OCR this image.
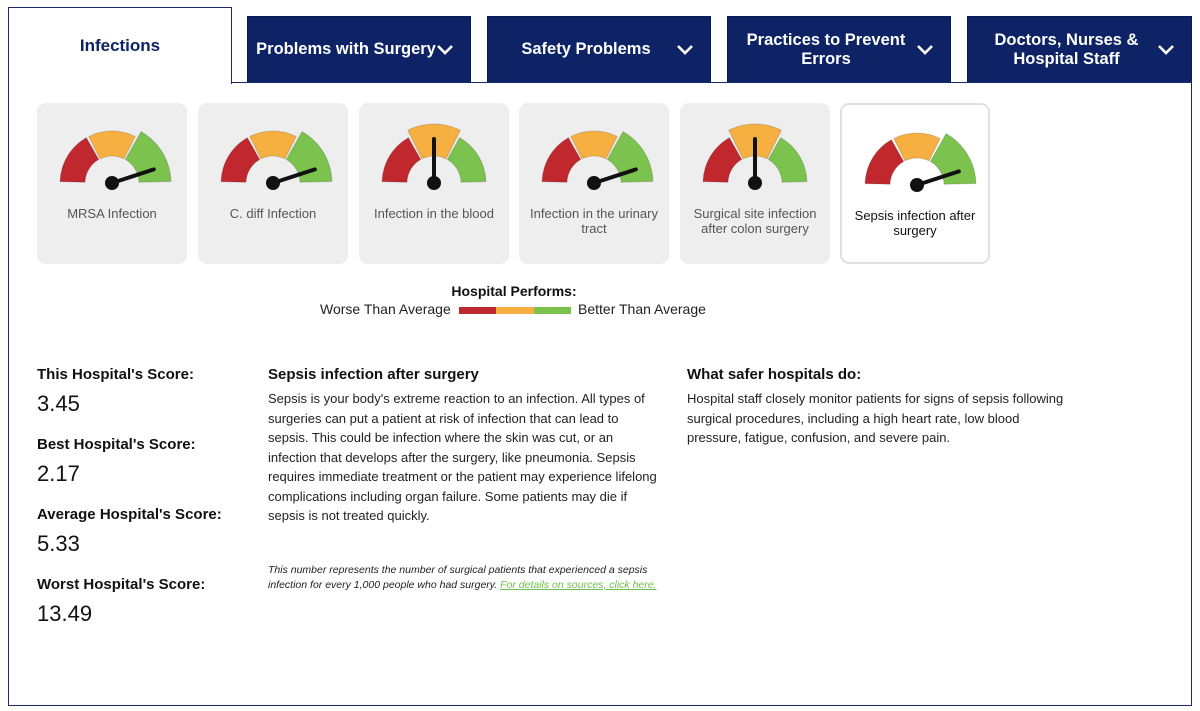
Infections	Problems with Surgery	Safety Problems
Practices to Prevent Errors
Doctors, Nurses & Hospital Staff
MRSA Infection	C. diff Infection	Infection in the blood	Infection in the urinary tract
Surgical site infection after colon surgery
Sepsis infection after surgery
Hospital Performs:
Worse Than Average	Better Than Average
This Hospital's Score:
3.45
Best Hospital's Score:
2.17
Average Hospital's Score:
5.33
Worst Hospital's Score:
13.49
Sepsis infection after surgery
Sepsis is your body's extreme reaction to an infection. All types of surgeries can put a patient at risk of infection that can lead to sepsis. This could be infection where the skin was cut, or an infection that develops after the surgery, like pneumonia. Sepsis requires immediate treatment or the patient may experience lifelong complications including organ failure. Some patients may die if sepsis is not treated quickly.
This number represents the number of surgical patients that experienced a sepsis infection for every 1,000 people who had surgery. For details on sources, click here.
What safer hospitals do:
Hospital staff closely monitor patients for signs of sepsis following surgical procedures, including a high heart rate, low blood pressure, fatigue, confusion, and severe pain.
